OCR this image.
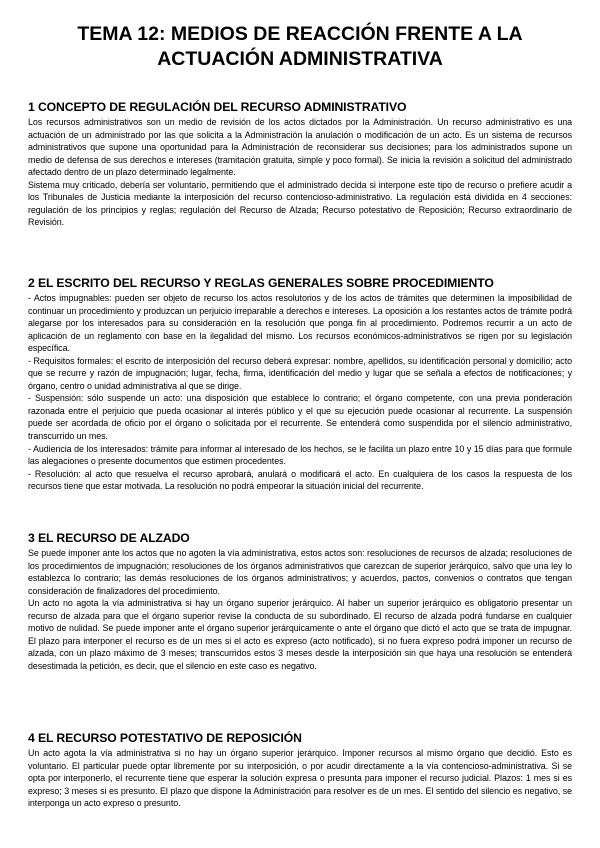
TEMA 12: MEDIOS DE REACCIÓN FRENTE A LA
ACTUACIÓN ADMINISTRATIVA
1 CONCEPTO DE REGULACIÓN DEL RECURSO ADMINISTRATIVO

Los recursos administrativos son un medio de revisión de los actos dictados por la Administración. Un recurso administrativo es una actuación de un administrado por las que solicita a la Administración la anulación o modificación de un acto. Es un sistema de recursos administrativos que supone una oportunidad para la Administración de reconsiderar sus decisiones; para los administrados supone un medio de defensa de sus derechos e intereses (tramitación gratuita, simple y poco formal). Se inicia la revisión a solicitud del administrado afectado dentro de un plazo determinado legalmente.

Sistema muy criticado, debería ser voluntario, permitiendo que el administrado decida si interpone este tipo de recurso o prefiere acudir a los Tribunales de Justicia mediante la interposición del recurso contencioso-administrativo. La regulación está dividida en 4 secciones: regulación de los principios y reglas; regulación del Recurso de Alzada; Recurso potestativo de Reposición; Recurso extraordinario de Revisión.

2 EL ESCRITO DEL RECURSO Y REGLAS GENERALES SOBRE PROCEDIMIENTO

- Actos impugnables: pueden ser objeto de recurso los actos resolutorios y de los actos de trámites que determinen la imposibilidad de continuar un procedimiento y produzcan un perjuicio irreparable a derechos e intereses. La oposición a los restantes actos de trámite podrá alegarse por los interesados para su consideración en la resolución que ponga fin al procedimiento. Podremos recurrir a un acto de aplicación de un reglamento con base en la ilegalidad del mismo. Los recursos económicos-administrativos se rigen por su legislación específica.

- Requisitos formales: el escrito de interposición del recurso deberá expresar: nombre, apellidos, su identificación personal y domicilio; acto que se recurre y razón de impugnación; lugar, fecha, firma, identificación del medio y lugar que se señala a efectos de notificaciones; y órgano, centro o unidad administrativa al que se dirige.

- Suspensión: sólo suspende un acto: una disposición que establece lo contrario; el órgano competente, con una previa ponderación razonada entre el perjuicio que pueda ocasionar al interés público y el que su ejecución puede ocasionar al recurrente. La suspensión puede ser acordada de oficio por el órgano o solicitada por el recurrente. Se entenderá como suspendida por el silencio administrativo, transcurrido un mes.

- Audiencia de los interesados: trámite para informar al interesado de los hechos, se le facilita un plazo entre 10 y 15 días para que formule las alegaciones o presente documentos que estimen procedentes.

- Resolución: al acto que resuelva el recurso aprobará, anulará o modificará el acto. En cualquiera de los casos la respuesta de los recursos tiene que estar motivada. La resolución no podrá empeorar la situación inicial del recurrente.

3 EL RECURSO DE ALZADO

Se puede imponer ante los actos que no agoten la vía administrativa, estos actos son: resoluciones de recursos de alzada; resoluciones de los procedimientos de impugnación; resoluciones de los órganos administrativos que carezcan de superior jerárquico, salvo que una ley lo establezca lo contrario; las demás resoluciones de los órganos administrativos; y acuerdos, pactos, convenios o contratos que tengan consideración de finalizadores del procedimiento.

Un acto no agota la vía administrativa si hay un órgano superior jerárquico. Al haber un superior jerárquico es obligatorio presentar un recurso de alzada para que el órgano superior revise la conducta de su subordinado. El recurso de alzada podrá fundarse en cualquier motivo de nulidad. Se puede imponer ante el órgano superior jerárquicamente o ante el órgano que dictó el acto que se trata de impugnar. El plazo para interponer el recurso es de un mes si el acto es expreso (acto notificado), si no fuera expreso podrá imponer un recurso de alzada, con un plazo máximo de 3 meses; transcurridos estos 3 meses desde la interposición sin que haya una resolución se entenderá desestimada la petición, es decir, que el silencio en este caso es negativo.

4 EL RECURSO POTESTATIVO DE REPOSICIÓN

Un acto agota la vía administrativa si no hay un órgano superior jerárquico. Imponer recursos al mismo órgano que decidió. Esto es voluntario. El particular puede optar libremente por su interposición, o por acudir directamente a la vía contencioso-administrativa. Si se opta por interponerlo, el recurrente tiene que esperar la solución expresa o presunta para imponer el recurso judicial. Plazos: 1 mes si es expreso; 3 meses si es presunto. El plazo que dispone la Administración para resolver es de un mes. El sentido del silencio es negativo, se interponga un acto expreso o presunto.
